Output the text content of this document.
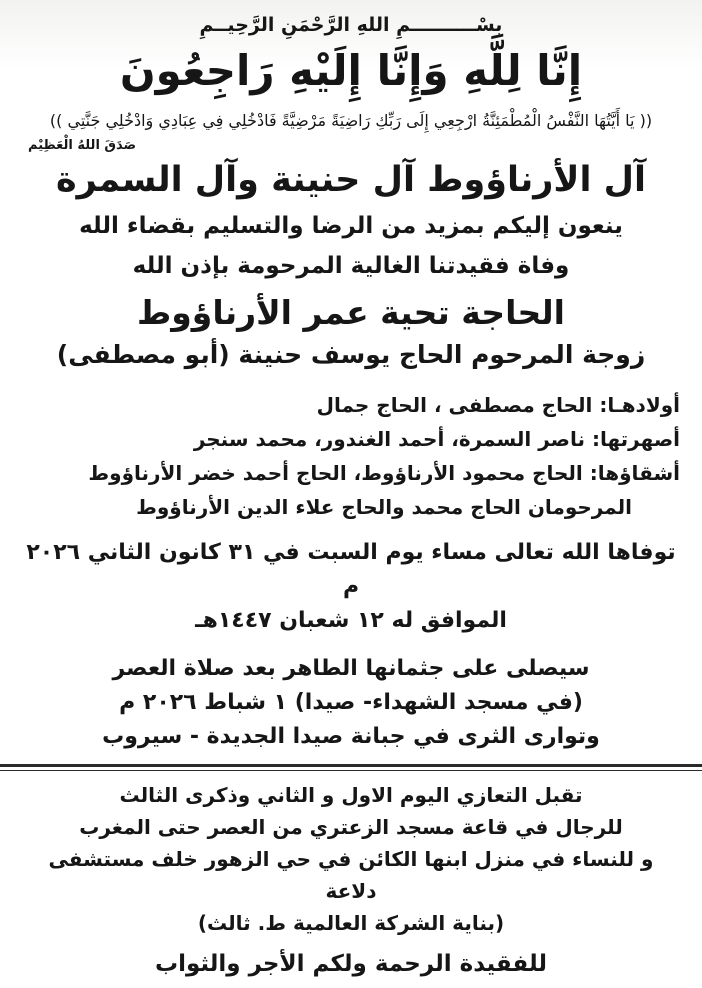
بِسْــــــــــمِ اللهِ الرَّحْمَنِ الرَّحِيــمِ
إِنَّا لِلَّهِ وَإِنَّا إِلَيْهِ رَاجِعُونَ
(( يَا أَيَّتُهَا النَّفْسُ الْمُطْمَئِنَّةُ ارْجِعِي إِلَى رَبِّكِ رَاضِيَةً مَرْضِيَّةً فَادْخُلِي فِي عِبَادِي وَادْخُلِي جَنَّتِي ))
صَدَقَ اللهُ الْعَظِيْم
آل الأرناؤوط آل حنينة وآل السمرة
ينعون إليكم بمزيد من الرضا والتسليم بقضاء الله
وفاة فقيدتنا الغالية المرحومة بإذن الله
الحاجة تحية عمر الأرناؤوط
زوجة المرحوم الحاج يوسف حنينة (أبو مصطفى)
أولادهـا: الحاج مصطفى ، الحاج جمال
أصهرتها: ناصر السمرة، أحمد الغندور، محمد سنجر
أشقاؤها: الحاج محمود الأرناؤوط، الحاج أحمد خضر الأرناؤوط
المرحومان الحاج محمد والحاج علاء الدين الأرناؤوط
توفاها الله تعالى مساء يوم السبت في ٣١ كانون الثاني ٢٠٢٦ م
الموافق له ١٢ شعبان ١٤٤٧هـ
سيصلى على جثمانها الطاهر بعد صلاة العصر
(في مسجد الشهداء- صيدا) ١ شباط ٢٠٢٦ م
وتوارى الثرى في جبانة صيدا الجديدة - سيروب
تقبل التعازي اليوم الاول و الثاني وذكرى الثالث
للرجال في قاعة مسجد الزعتري من العصر حتى المغرب
و للنساء في منزل ابنها الكائن في حي الزهور خلف مستشفى دلاعة
(بناية الشركة العالمية ط. ثالث)
للفقيدة الرحمة ولكم الأجر والثواب
